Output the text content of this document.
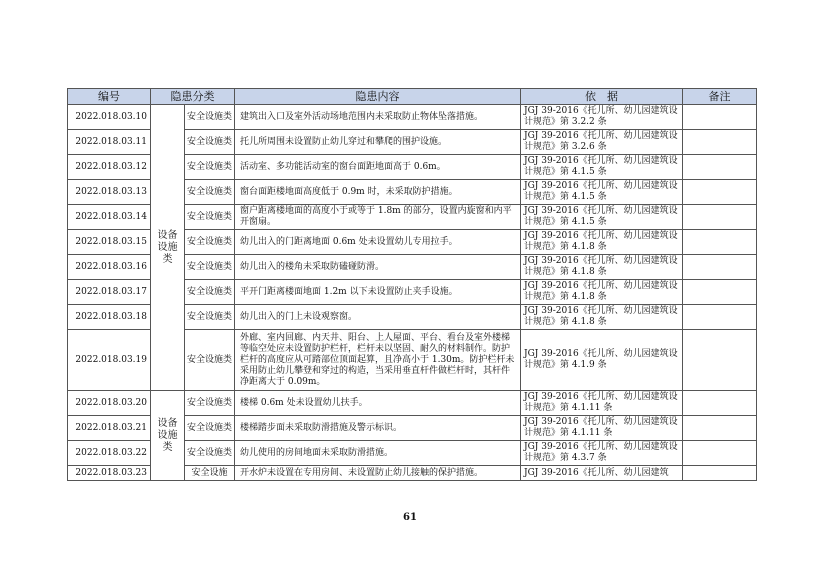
编号	隐患分类		隐患内容	依　据	备注
2022.018.03.10	设备设施类	安全设施类	建筑出入口及室外活动场地范围内未采取防止物体坠落措施。	JGJ 39-2016《托儿所、幼儿园建筑设计规范》第 3.2.2 条	
2022.018.03.11		安全设施类	托儿所周围未设置防止幼儿穿过和攀爬的围护设施。	JGJ 39-2016《托儿所、幼儿园建筑设计规范》第 3.2.6 条	
2022.018.03.12		安全设施类	活动室、多功能活动室的窗台面距地面高于 0.6m。	JGJ 39-2016《托儿所、幼儿园建筑设计规范》第 4.1.5 条	
2022.018.03.13		安全设施类	窗台面距楼地面高度低于 0.9m 时，未采取防护措施。	JGJ 39-2016《托儿所、幼儿园建筑设计规范》第 4.1.5 条	
2022.018.03.14		安全设施类	窗户距离楼地面的高度小于或等于 1.8m 的部分，设置内旋窗和内平开窗扇。	JGJ 39-2016《托儿所、幼儿园建筑设计规范》第 4.1.5 条	
2022.018.03.15		安全设施类	幼儿出入的门距离地面 0.6m 处未设置幼儿专用拉手。	JGJ 39-2016《托儿所、幼儿园建筑设计规范》第 4.1.8 条	
2022.018.03.16		安全设施类	幼儿出入的楼角未采取防磕碰防滑。	JGJ 39-2016《托儿所、幼儿园建筑设计规范》第 4.1.8 条	
2022.018.03.17		安全设施类	平开门距离楼面地面 1.2m 以下未设置防止夹手设施。	JGJ 39-2016《托儿所、幼儿园建筑设计规范》第 4.1.8 条	
2022.018.03.18		安全设施类	幼儿出入的门上未设观察窗。	JGJ 39-2016《托儿所、幼儿园建筑设计规范》第 4.1.8 条	
2022.018.03.19		安全设施类	外廊、室内回廊、内天井、阳台、上人屋面、平台、看台及室外楼梯等临空处应未设置防护栏杆，栏杆未以坚固、耐久的材料制作。防护栏杆的高度应从可踏部位顶面起算，且净高小于 1.30m。防护栏杆未采用防止幼儿攀登和穿过的构造，当采用垂直杆件做栏杆时，其杆件净距离大于 0.09m。	JGJ 39-2016《托儿所、幼儿园建筑设计规范》第 4.1.9 条	
2022.018.03.20	设备设施类	安全设施类	楼梯 0.6m 处未设置幼儿扶手。	JGJ 39-2016《托儿所、幼儿园建筑设计规范》第 4.1.11 条	
2022.018.03.21		安全设施类	楼梯踏步面未采取防滑措施及警示标识。	JGJ 39-2016《托儿所、幼儿园建筑设计规范》第 4.1.11 条	
2022.018.03.22		安全设施类	幼儿使用的房间地面未采取防滑措施。	JGJ 39-2016《托儿所、幼儿园建筑设计规范》第 4.3.7 条	
2022.018.03.23		安全设施	开水炉未设置在专用房间、未设置防止幼儿接触的保护措施。	JGJ 39-2016《托儿所、幼儿园建筑	
61
